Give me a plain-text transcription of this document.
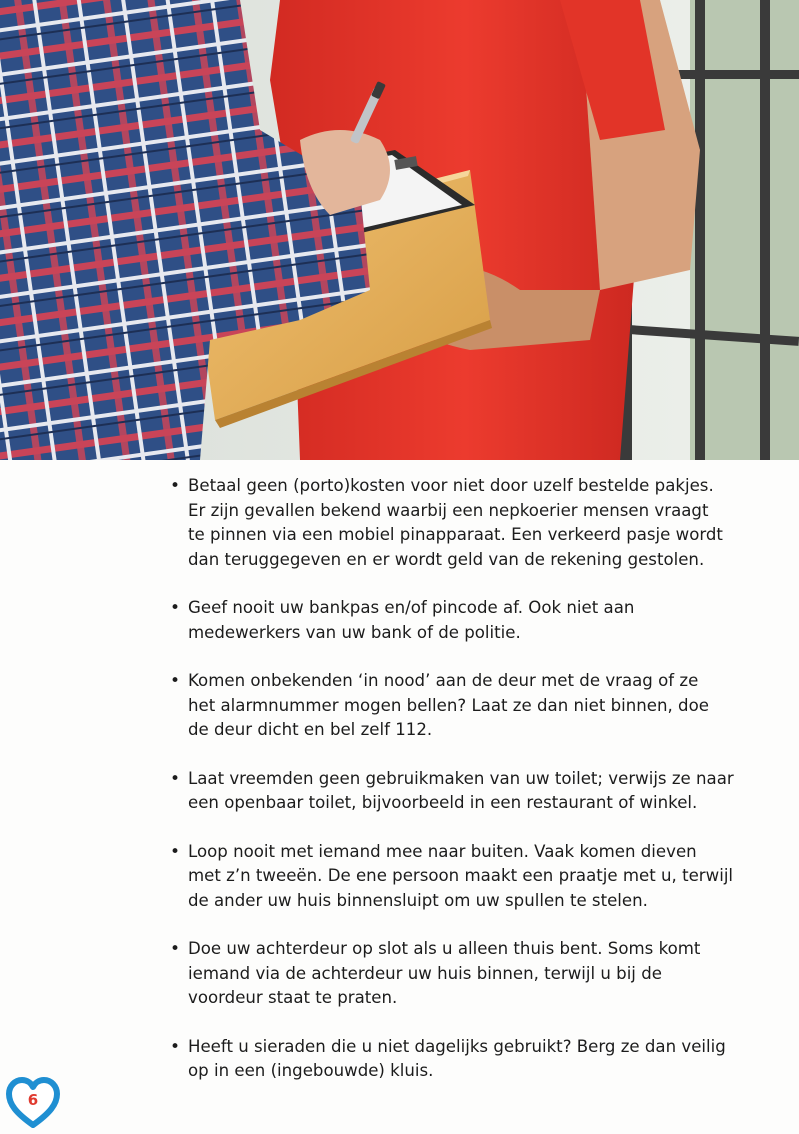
• Betaal geen (porto)kosten voor niet door uzelf bestelde pakjes.
Er zijn gevallen bekend waarbij een nepkoerier mensen vraagt
te pinnen via een mobiel pinapparaat. Een verkeerd pasje wordt
dan teruggegeven en er wordt geld van de rekening gestolen.
• Geef nooit uw bankpas en/of pincode af. Ook niet aan
medewerkers van uw bank of de politie.
• Komen onbekenden ‘in nood’ aan de deur met de vraag of ze
het alarmnummer mogen bellen? Laat ze dan niet binnen, doe
de deur dicht en bel zelf 112.
• Laat vreemden geen gebruikmaken van uw toilet; verwijs ze naar
een openbaar toilet, bijvoorbeeld in een restaurant of winkel.
• Loop nooit met iemand mee naar buiten. Vaak komen dieven
met z’n tweeën. De ene persoon maakt een praatje met u, terwijl
de ander uw huis binnensluipt om uw spullen te stelen.
• Doe uw achterdeur op slot als u alleen thuis bent. Soms komt
iemand via de achterdeur uw huis binnen, terwijl u bij de
voordeur staat te praten.
• Heeft u sieraden die u niet dagelijks gebruikt? Berg ze dan veilig
op in een (ingebouwde) kluis.
6
